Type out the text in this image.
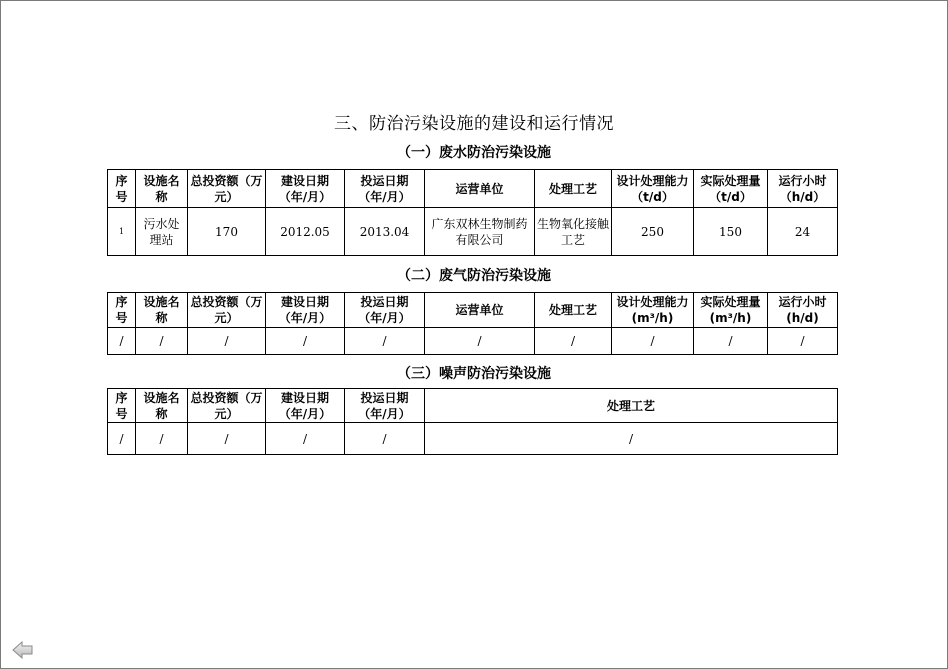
三、防治污染设施的建设和运行情况
（一）废水防治污染设施
序号	设施名称	总投资额（万元）	建设日期（年/月）	投运日期（年/月）	运营单位	处理工艺	设计处理能力（t/d）	实际处理量（t/d）	运行小时（h/d）
1	污水处理站	170	2012.05	2013.04	广东双林生物制药有限公司	生物氧化接触工艺	250	150	24
（二）废气防治污染设施
序号	设施名称	总投资额（万元）	建设日期（年/月）	投运日期（年/月）	运营单位	处理工艺	设计处理能力(m³/h)	实际处理量(m³/h)	运行小时(h/d)
/	/	/	/	/	/	/	/	/	/
（三）噪声防治污染设施
序号	设施名称	总投资额（万元）	建设日期（年/月）	投运日期（年/月）	处理工艺
/	/	/	/	/	/
